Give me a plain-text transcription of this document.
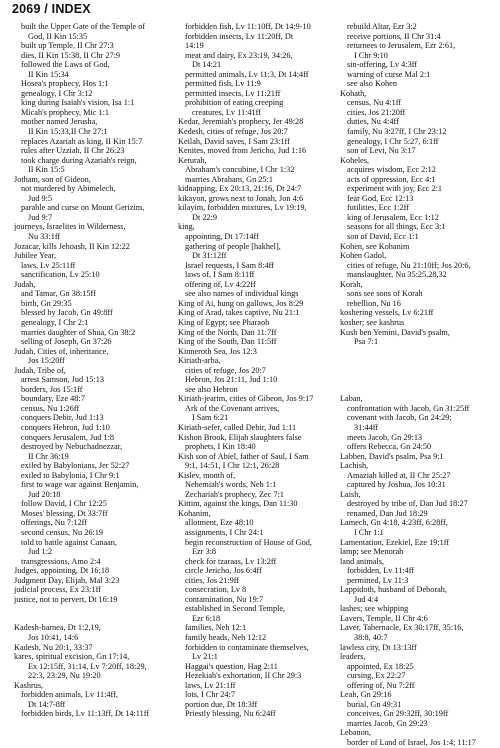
2069 / INDEX
built the Upper Gate of the Temple of
God, II Kin 15:35
built up Temple, II Chr 27:3
dies, II Kin 15:38, II Chr 27:9
followed the Laws of God,
II Kin 15:34
Hosea's prophecy, Hos 1:1
genealogy, I Chr 3:12
king during Isaiah's vision, Isa 1:1
Micah's prophecy, Mic 1:1
mother named Jerusha,
II Kin 15:33,II Chr 27:1
replaces Azariah as king, II Kin 15:7
rules after Uzziah, II Chr 26:23
took charge during Azariah's reign,
II Kin 15:5
Jotham, son of Gideon,
not murdered by Abimelech,
Jud 9:5
parable and curse on Mount Gerizim,
Jud 9:7
journeys, Israelites in Wilderness,
Nu 33:1ff
Jozacar, kills Jehoash, II Kin 12:22
Jubilee Year,
laws, Lv 25:11ff
sanctification, Lv 25:10
Judah,
and Tamar, Gn 38:15ff
birth, Gn 29:35
blessed by Jacob, Gn 49:8ff
genealogy, I Chr 2:1
marries daughter of Shua, Gn 38:2
selling of Joseph, Gn 37:26
Judah, Cities of, inheritance,
Jos 15:20ff
Judah, Tribe of,
arrest Samson, Jud 15:13
borders, Jos 15:1ff
boundary, Eze 48:7
census, Nu 1:26ff
conquers Debir, Jud 1:13
conquers Hebron, Jud 1:10
conquers Jerusalem, Jud 1:8
destroyed by Nebuchadnezzar,
II Chr 36:19
exiled by Babylonians, Jer 52:27
exiled to Babylonia, I Chr 9:1
first to wage war against Benjamin,
Jud 20:18
follow David, I Chr 12:25
Moses' blessing, Dt 33:7ff
offerings, Nu 7:12ff
second census, Nu 26:19
told to battle against Canaan,
Jud 1:2
transgressions, Amo 2:4
Judges, appointing, Dt 16:18
Judgment Day, Elijah, Mal 3:23
judicial process, Ex 23:1ff
justice, not to pervert, Dt 16:19
Kadesh-barnea, Dt 1:2,19,
Jos 10:41, 14:6
Kadesh, Nu 20:1, 33:37
kares, spiritual excision, Gn 17:14,
Ex 12:15ff, 31:14, Lv 7:20ff, 18:29,
22:3, 23:29, Nu 19:20
Kashrus,
forbidden animals, Lv 11:4ff,
Dt 14:7-8ff
forbidden birds, Lv 11:13ff, Dt 14:11ff
forbidden fish, Lv 11:10ff, Dt 14:9-10
forbidden insects, Lv 11:20ff, Dt
14:19
meat and dairy, Ex 23:19, 34:26,
Dt 14:21
permitted animals, Lv 11:3, Dt 14:4ff
permitted fish, Lv 11:9
permitted insects, Lv 11:21ff
prohibition of eating creeping
creatures, Lv 11:41ff
Kedar, Jeremiah's prophecy, Jer 49:28
Kedesh, cities of refuge, Jos 20:7
Keilah, David saves, I Sam 23:1ff
Kenites, moved from Jericho, Jud 1:16
Keturah,
Abraham's concubine, I Chr 1:32
marries Abraham, Gn 25:1
kidnapping, Ex 20:13, 21:16, Dt 24:7
kikayon, grows next to Jonah, Jon 4:6
kilayim, forbidden mixtures, Lv 19:19,
Dt 22:9
king,
appointing, Dt 17:14ff
gathering of people [hakhel],
Dt 31:12ff
Israel requests, I Sam 8:4ff
laws of, I Sam 8:11ff
offering of, Lv 4:22ff
see also names of individual kings
King of Ai, hung on gallows, Jos 8:29
King of Arad, takes captive, Nu 21:1
King of Egypt; see Pharaoh
King of the North, Dan 11:7ff
King of the South, Dan 11:5ff
Kinneroth Sea, Jos 12:3
Kiriath-arba,
cities of refuge, Jos 20:7
Hebron, Jos 21:11, Jud 1:10
see also Hebron
Kiriath-jearim, cities of Gibeon, Jos 9:17
Ark of the Covenant arrives,
I Sam 6:21
Kiriath-sefer, called Debir, Jud 1:11
Kishon Brook, Elijah slaughters false
prophets, I Kin 18:40
Kish son of Abiel, father of Saul, I Sam
9:1, 14:51, I Chr 12:1, 26:28
Kislev, month of,
Nehemiah's words, Neh 1:1
Zechariah's prophecy, Zec 7:1
Kittim, against the kings, Dan 11:30
Kohanim,
allotment, Eze 48:10
assignments, I Chr 24:1
begin reconstruction of House of God,
Ezr 3:8
check for tzaraas, Lv 13:2ff
circle Jericho, Jos 6:4ff
cities, Jos 21:9ff
consecration, Lv 8
contamination, Nu 19:7
established in Second Temple,
Ezr 6:18
families, Neh 12:1
family heads, Neh 12:12
forbidden to contaminate themselves,
Lv 21:1
Haggai's question, Hag 2:11
Hezekiah's exhortation, II Chr 29:3
laws, Lv 21:1ff
lots, I Chr 24:7
portion due, Dt 18:3ff
Priestly blessing, Nu 6:24ff
rebuild Altar, Ezr 3:2
receive portions, II Chr 31:4
returnees to Jerusalem, Ezr 2:61,
I Chr 9:10
sin-offering, Lv 4:3ff
warning of curse Mal 2:1
see also Kohen
Kohath,
census, Nu 4:1ff
cities, Jos 21:20ff
duties, Nu 4:4ff
family, Nu 3:27ff, I Chr 23:12
genealogy, I Chr 5:27, 6:1ff
son of Levi, Nu 3:17
Koheles,
acquires wisdom, Ecc 2:12
acts of oppression, Ecc 4:1
experiment with joy, Ecc 2:1
fear God, Ecc 12:13
futilities, Ecc 1:2ff
king of Jerusalem, Ecc 1:12
seasons for all things, Ecc 3:1
son of David, Ecc 1:1
Kohen, see Kohanim
Kohen Gadol,
cities of refuge, Nu 21:10ff; Jos 20:6,
manslaughter, Nu 35:25,28,32
Korah,
sons see sons of Korah
rebellion, Nu 16
koshering vessels, Lv 6:21ff
kosher; see kashrus
Kush ben Yemini, David's psalm,
Psa 7:1
Laban,
confrontation with Jacob, Gn 31:25ff
covenant with Jacob, Gn 24:29;
31:44ff
meets Jacob, Gn 29:13
offers Rebecca, Gn 24:50
Labben, David's psalm, Psa 9:1
Lachish,
Amaziah killed at, II Chr 25:27
captured by Joshua, Jos 10:31
Laish,
destroyed by tribe of, Dan Jud 18:27
renamed, Dan Jud 18:29
Lamech, Gn 4:18, 4:23ff, 6:28ff,
I Chr 1:1
Lamentation, Ezekiel, Eze 19:1ff
lamp; see Menorah
land animals,
forbidden, Lv 11:4ff
permitted, Lv 11:3
Lappidoth, husband of Deborah,
Jud 4:4
lashes; see whipping
Lavers, Temple, II Chr 4:6
Laver, Tabernacle, Ex 30:17ff, 35:16,
38:8, 40:7
lawless city, Dt 13:13ff
leaders,
appointed, Ex 18:25
cursing, Ex 22:27
offering of, Nu 7:2ff
Leah, Gn 29:16
burial, Gn 49:31
conceives, Gn 29:32ff, 30:19ff
marries Jacob, Gn 29:23
Lebanon,
border of Land of Israel, Jos 1:4; 11:17
